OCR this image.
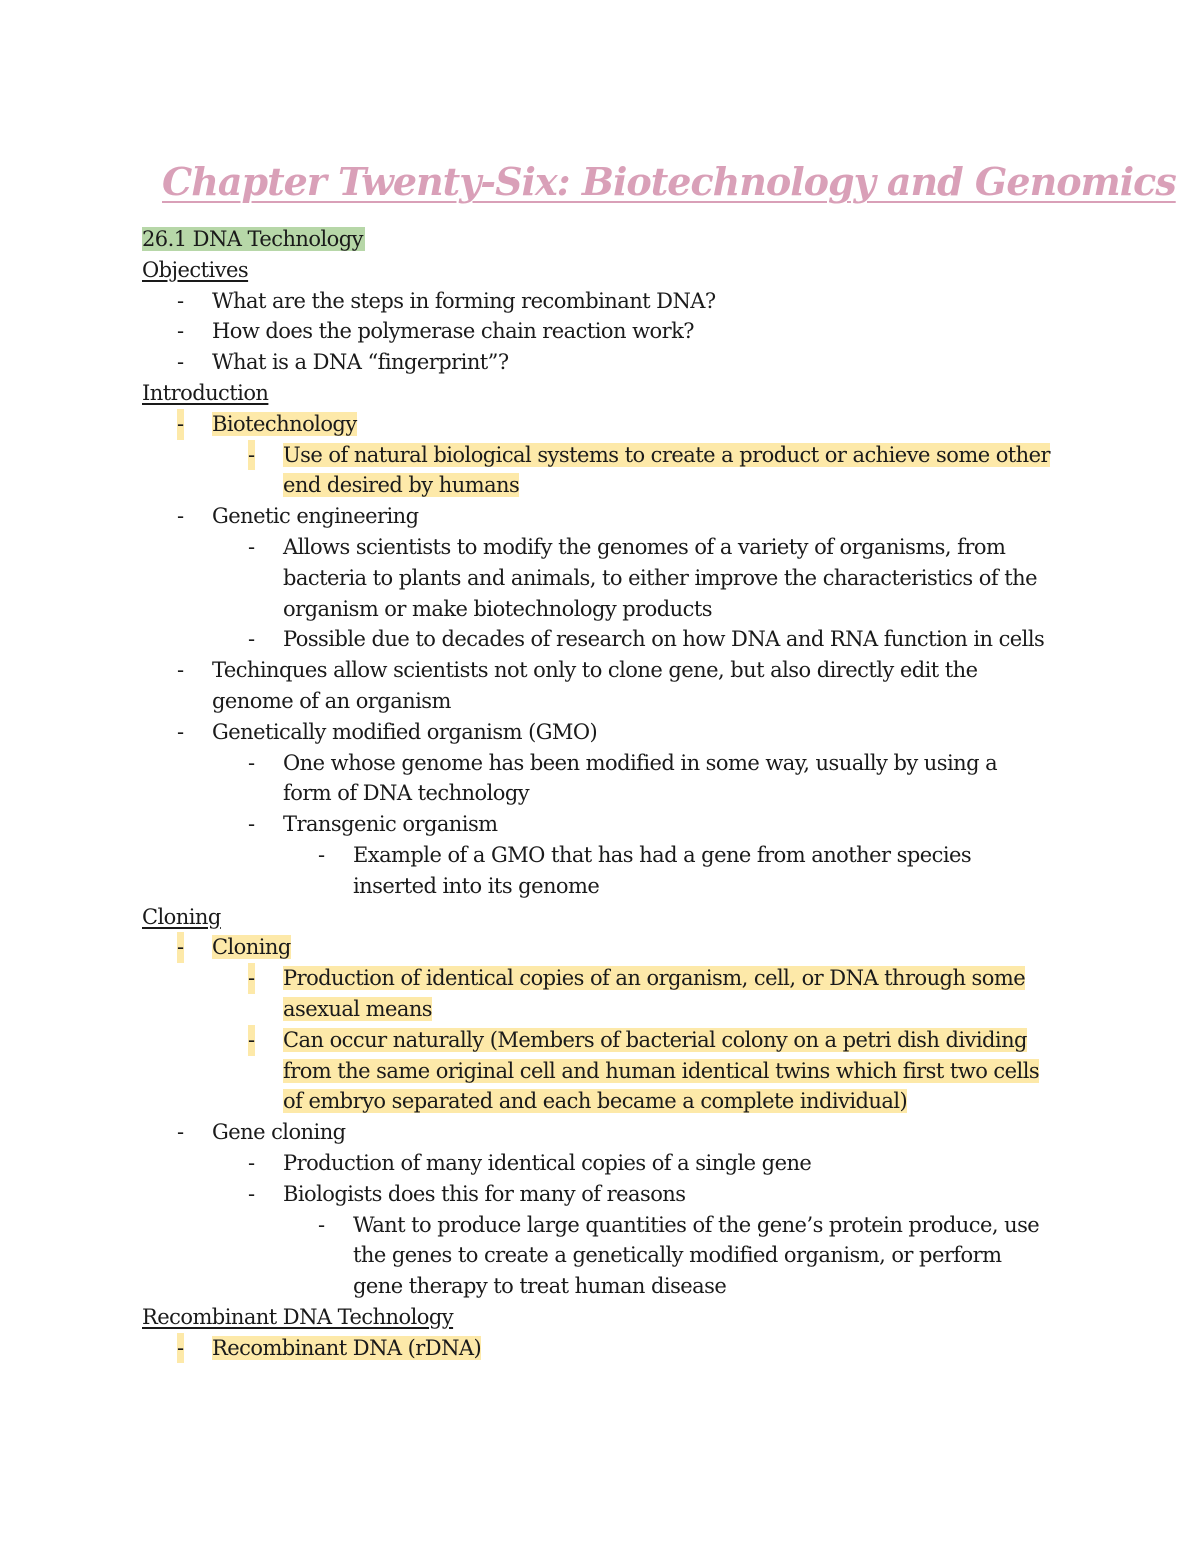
Chapter Twenty-Six: Biotechnology and Genomics
26.1 DNA Technology
Objectives
- What are the steps in forming recombinant DNA?
- How does the polymerase chain reaction work?
- What is a DNA “fingerprint”?
Introduction
- Biotechnology
- Use of natural biological systems to create a product or achieve some other
end desired by humans
- Genetic engineering
- Allows scientists to modify the genomes of a variety of organisms, from
bacteria to plants and animals, to either improve the characteristics of the
organism or make biotechnology products
- Possible due to decades of research on how DNA and RNA function in cells
- Techinques allow scientists not only to clone gene, but also directly edit the
genome of an organism
- Genetically modified organism (GMO)
- One whose genome has been modified in some way, usually by using a
form of DNA technology
- Transgenic organism
- Example of a GMO that has had a gene from another species
inserted into its genome
Cloning
- Cloning
- Production of identical copies of an organism, cell, or DNA through some
asexual means
- Can occur naturally (Members of bacterial colony on a petri dish dividing
from the same original cell and human identical twins which first two cells
of embryo separated and each became a complete individual)
- Gene cloning
- Production of many identical copies of a single gene
- Biologists does this for many of reasons
- Want to produce large quantities of the gene’s protein produce, use
the genes to create a genetically modified organism, or perform
gene therapy to treat human disease
Recombinant DNA Technology
- Recombinant DNA (rDNA)
